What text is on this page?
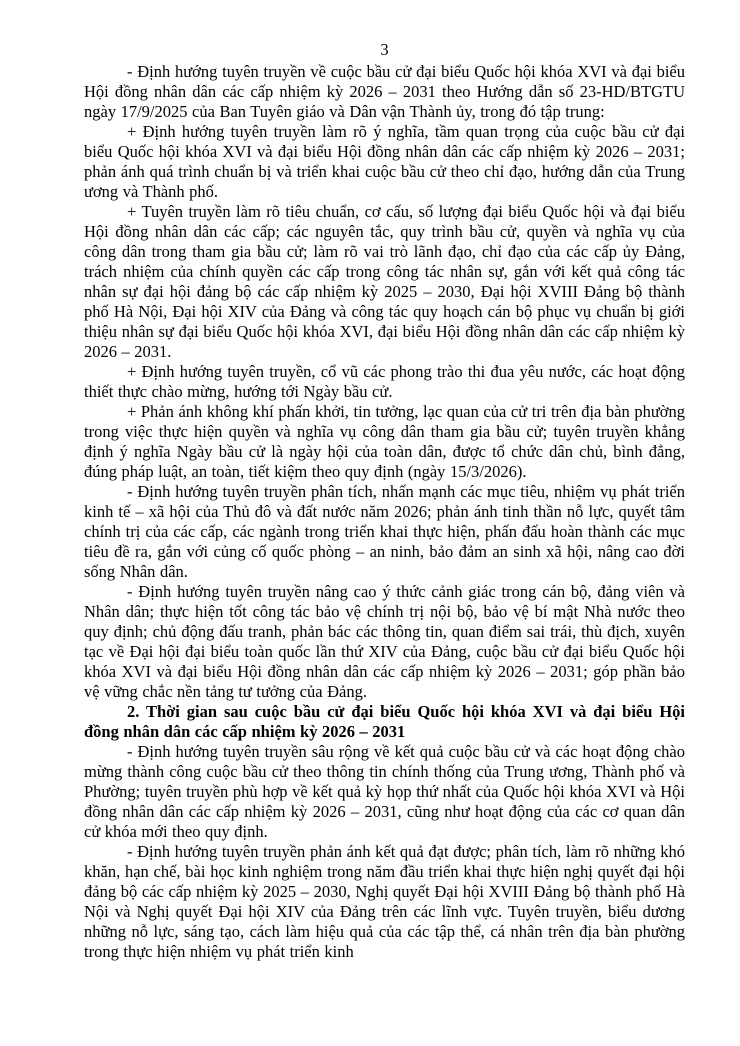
3

- Định hướng tuyên truyền về cuộc bầu cử đại biểu Quốc hội khóa XVI và đại biểu Hội đồng nhân dân các cấp nhiệm kỳ 2026 – 2031 theo Hướng dẫn số 23-HD/BTGTU ngày 17/9/2025 của Ban Tuyên giáo và Dân vận Thành ủy, trong đó tập trung:

+ Định hướng tuyên truyền làm rõ ý nghĩa, tầm quan trọng của cuộc bầu cử đại biểu Quốc hội khóa XVI và đại biểu Hội đồng nhân dân các cấp nhiệm kỳ 2026 – 2031; phản ánh quá trình chuẩn bị và triển khai cuộc bầu cử theo chỉ đạo, hướng dẫn của Trung ương và Thành phố.

+ Tuyên truyền làm rõ tiêu chuẩn, cơ cấu, số lượng đại biểu Quốc hội và đại biểu Hội đồng nhân dân các cấp; các nguyên tắc, quy trình bầu cử, quyền và nghĩa vụ của công dân trong tham gia bầu cử; làm rõ vai trò lãnh đạo, chỉ đạo của các cấp ủy Đảng, trách nhiệm của chính quyền các cấp trong công tác nhân sự, gắn với kết quả công tác nhân sự đại hội đảng bộ các cấp nhiệm kỳ 2025 – 2030, Đại hội XVIII Đảng bộ thành phố Hà Nội, Đại hội XIV của Đảng và công tác quy hoạch cán bộ phục vụ chuẩn bị giới thiệu nhân sự đại biểu Quốc hội khóa XVI, đại biểu Hội đồng nhân dân các cấp nhiệm kỳ 2026 – 2031.

+ Định hướng tuyên truyền, cổ vũ các phong trào thi đua yêu nước, các hoạt động thiết thực chào mừng, hướng tới Ngày bầu cử.

+ Phản ánh không khí phấn khởi, tin tưởng, lạc quan của cử tri trên địa bàn phường trong việc thực hiện quyền và nghĩa vụ công dân tham gia bầu cử; tuyên truyền khẳng định ý nghĩa Ngày bầu cử là ngày hội của toàn dân, được tổ chức dân chủ, bình đẳng, đúng pháp luật, an toàn, tiết kiệm theo quy định (ngày 15/3/2026).

- Định hướng tuyên truyền phân tích, nhấn mạnh các mục tiêu, nhiệm vụ phát triển kinh tế – xã hội của Thủ đô và đất nước năm 2026; phản ánh tinh thần nỗ lực, quyết tâm chính trị của các cấp, các ngành trong triển khai thực hiện, phấn đấu hoàn thành các mục tiêu đề ra, gắn với củng cố quốc phòng – an ninh, bảo đảm an sinh xã hội, nâng cao đời sống Nhân dân.

- Định hướng tuyên truyền nâng cao ý thức cảnh giác trong cán bộ, đảng viên và Nhân dân; thực hiện tốt công tác bảo vệ chính trị nội bộ, bảo vệ bí mật Nhà nước theo quy định; chủ động đấu tranh, phản bác các thông tin, quan điểm sai trái, thù địch, xuyên tạc về Đại hội đại biểu toàn quốc lần thứ XIV của Đảng, cuộc bầu cử đại biểu Quốc hội khóa XVI và đại biểu Hội đồng nhân dân các cấp nhiệm kỳ 2026 – 2031; góp phần bảo vệ vững chắc nền tảng tư tưởng của Đảng.

2. Thời gian sau cuộc bầu cử đại biểu Quốc hội khóa XVI và đại biểu Hội đồng nhân dân các cấp nhiệm kỳ 2026 – 2031

- Định hướng tuyên truyền sâu rộng về kết quả cuộc bầu cử và các hoạt động chào mừng thành công cuộc bầu cử theo thông tin chính thống của Trung ương, Thành phố và Phường; tuyên truyền phù hợp về kết quả kỳ họp thứ nhất của Quốc hội khóa XVI và Hội đồng nhân dân các cấp nhiệm kỳ 2026 – 2031, cũng như hoạt động của các cơ quan dân cử khóa mới theo quy định.

- Định hướng tuyên truyền phản ánh kết quả đạt được; phân tích, làm rõ những khó khăn, hạn chế, bài học kinh nghiệm trong năm đầu triển khai thực hiện nghị quyết đại hội đảng bộ các cấp nhiệm kỳ 2025 – 2030, Nghị quyết Đại hội XVIII Đảng bộ thành phố Hà Nội và Nghị quyết Đại hội XIV của Đảng trên các lĩnh vực. Tuyên truyền, biểu dương những nỗ lực, sáng tạo, cách làm hiệu quả của các tập thể, cá nhân trên địa bàn phường trong thực hiện nhiệm vụ phát triển kinh
